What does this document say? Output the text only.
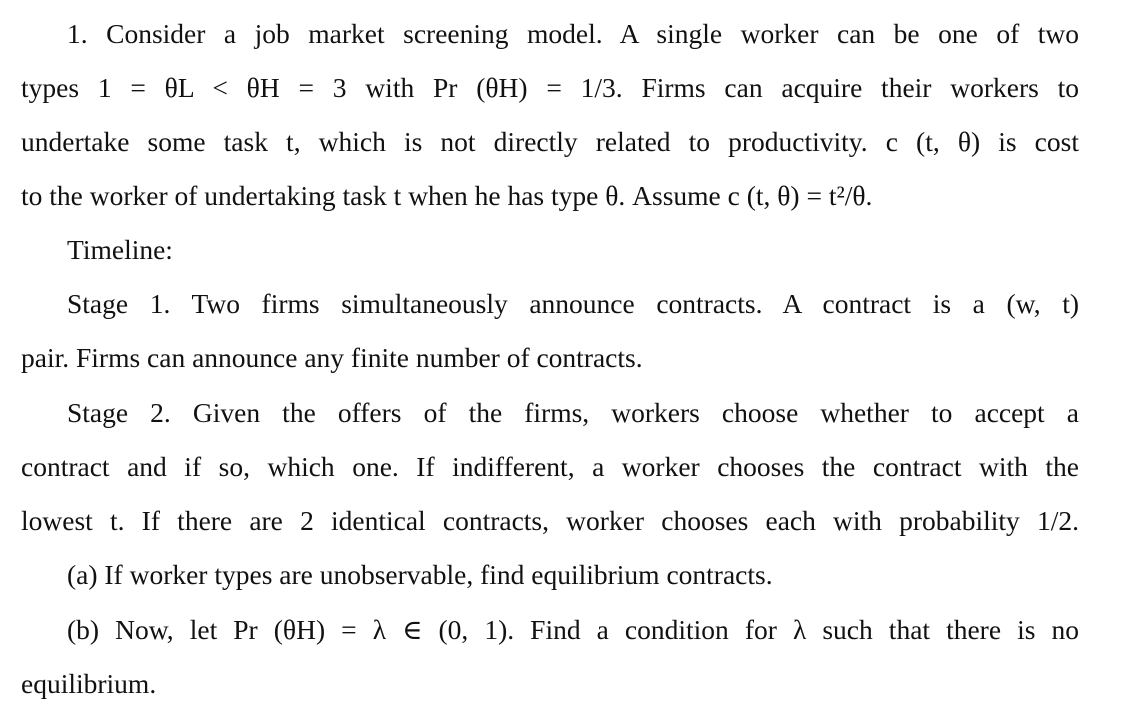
1. Consider a job market screening model. A single worker can be one of two
types 1 = θL < θH = 3 with Pr (θH) = 1/3. Firms can acquire their workers to
undertake some task t, which is not directly related to productivity. c (t, θ) is cost
to the worker of undertaking task t when he has type θ. Assume c (t, θ) = t²/θ.
Timeline:
Stage 1. Two firms simultaneously announce contracts. A contract is a (w, t)
pair. Firms can announce any finite number of contracts.
Stage 2. Given the offers of the firms, workers choose whether to accept a
contract and if so, which one. If indifferent, a worker chooses the contract with the
lowest t. If there are 2 identical contracts, worker chooses each with probability 1/2.
(a) If worker types are unobservable, find equilibrium contracts.
(b) Now, let Pr (θH) = λ ∈ (0, 1). Find a condition for λ such that there is no
equilibrium.
